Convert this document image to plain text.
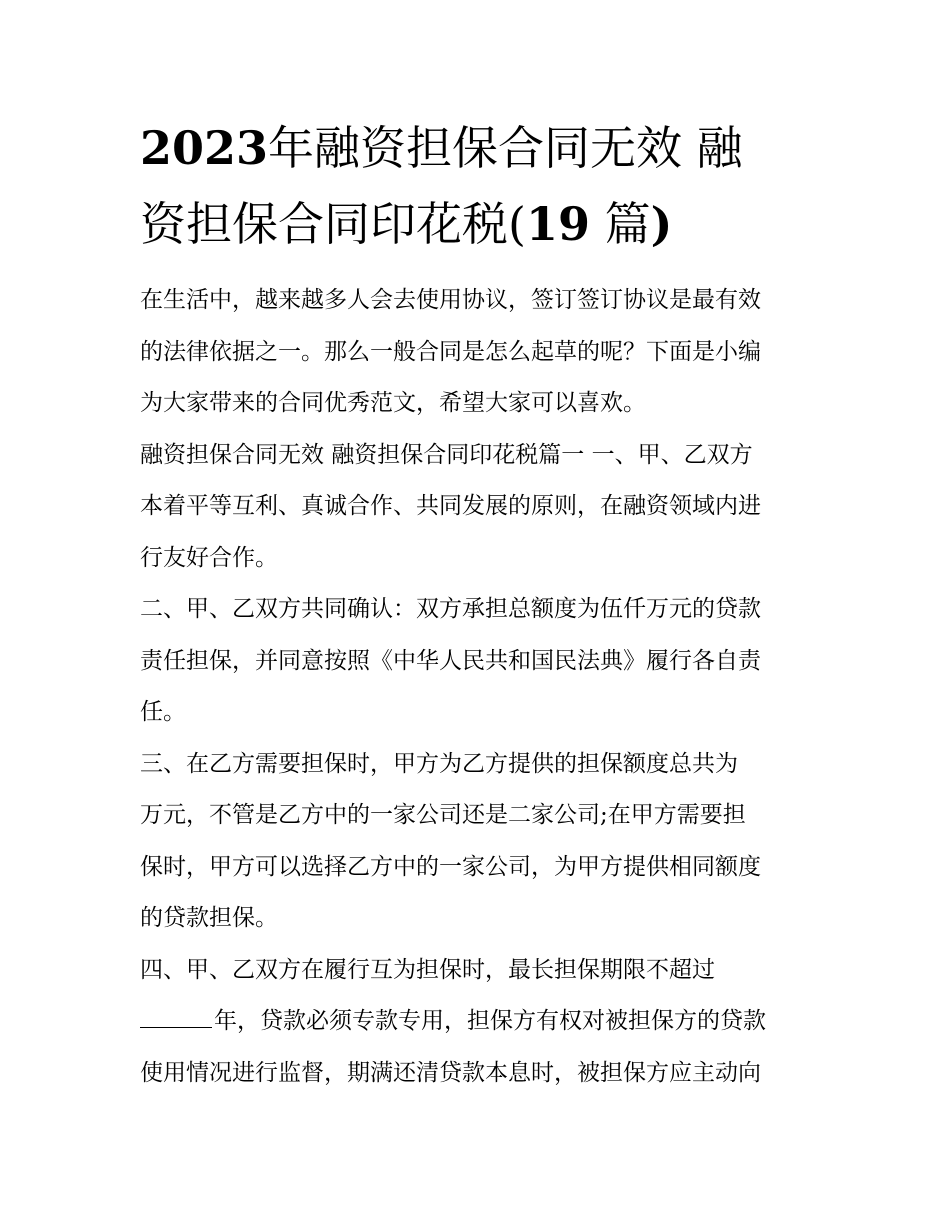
2023年融资担保合同无效 融
资担保合同印花税(19 篇)
在生活中，越来越多人会去使用协议，签订签订协议是最有效
的法律依据之一。那么一般合同是怎么起草的呢？下面是小编
为大家带来的合同优秀范文，希望大家可以喜欢。
融资担保合同无效 融资担保合同印花税篇一 一、甲、乙双方
本着平等互利、真诚合作、共同发展的原则，在融资领域内进
行友好合作。
二、甲、乙双方共同确认：双方承担总额度为伍仟万元的贷款
责任担保，并同意按照《中华人民共和国民法典》履行各自责
任。
三、在乙方需要担保时，甲方为乙方提供的担保额度总共为
万元，不管是乙方中的一家公司还是二家公司;在甲方需要担
保时，甲方可以选择乙方中的一家公司，为甲方提供相同额度
的贷款担保。
四、甲、乙双方在履行互为担保时，最长担保期限不超过
年，贷款必须专款专用，担保方有权对被担保方的贷款
使用情况进行监督，期满还清贷款本息时，被担保方应主动向
